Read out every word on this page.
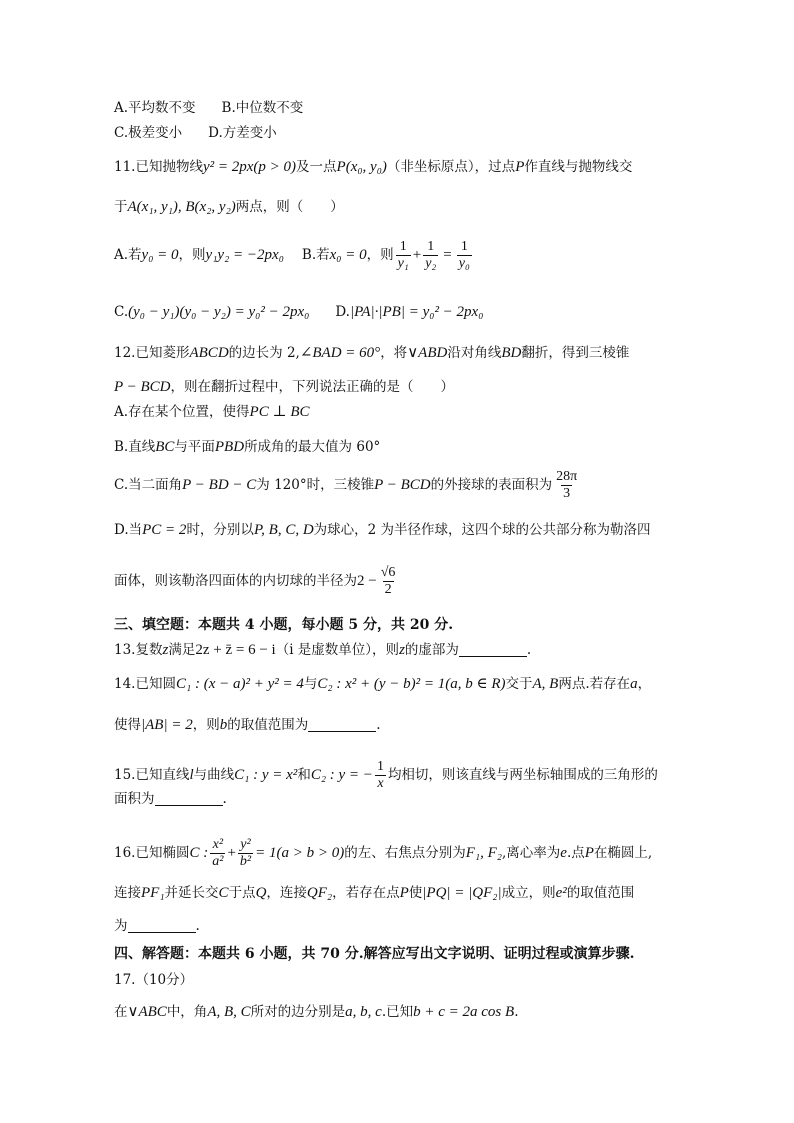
A.平均数不变 B.中位数不变
C.极差变小 D.方差变小
11.已知抛物线 y² = 2px(p > 0) 及一点 P(x₀, y₀) （非坐标原点），过点 P 作直线与抛物线交
于 A(x₁, y₁), B(x₂, y₂) 两点，则（　　）
A.若 y₀ = 0 ，则 y₁y₂ = −2px₀ B.若 x₀ = 0 ，则 $\frac{1}{\text{y₁}} + \frac{1}{\text{y₂}} = \frac{1}{\text{y₀}}$
C. (y₀ − y₁)(y₀ − y₂) = y₀² − 2px₀ D. |PA|·|PB| = y₀² − 2px₀
12.已知菱形 ABCD 的边长为 2, ∠BAD = 60° ，将 ∨ABD 沿对角线 BD 翻折，得到三棱锥
P − BCD ，则在翻折过程中，下列说法正确的是（　　）
A.存在某个位置，使得 PC ⊥ BC
B.直线 BC 与平面 PBD 所成角的最大值为 60°
C.当二面角 P − BD − C 为 120°时，三棱锥 P − BCD 的外接球的表面积为 $\frac{28\pi}{3}$
D.当 PC = 2 时，分别以 P, B, C, D 为球心，2 为半径作球，这四个球的公共部分称为勒洛四
面体，则该勒洛四面体的内切球的半径为 $2 - \frac{√6}{2}$
三、填空题：本题共 4 小题，每小题 5 分，共 20 分.
13.复数 z 满足 2z + z̄ = 6 − i （i 是虚数单位），则 z 的虚部为	.
14.已知圆 C₁ : (x − a)² + y² = 4 与 C₂ : x² + (y − b)² = 1(a, b ∈ R) 交于 A, B 两点.若存在 a ，
使得 |AB| = 2 ，则 b 的取值范围为	.
15.已知直线 l 与曲线 C₁ : y = x² 和 C₂ : y = − $\frac{1}{x}$ 均相切，则该直线与两坐标轴围成的三角形的
面积为	.
16.已知椭圆 C : $\frac{\text{x²}}{\text{a²}} + \frac{\text{y²}}{\text{b²}} = 1(a > b > 0)$ 的左、右焦点分别为 F₁, F₂ ,离心率为 e .点 P 在椭圆上,
连接 PF₁ 并延长交 C 于点 Q ，连接 QF₂ ，若存在点 P 使 |PQ| = |QF₂| 成立，则 e² 的取值范围
为	.
四、解答题：本题共 6 小题，共 70 分.解答应写出文字说明、证明过程或演算步骤.
17.（10分）
在 ∨ABC 中，角 A, B, C 所对的边分别是 a, b, c .已知 b + c = 2a cos B .
